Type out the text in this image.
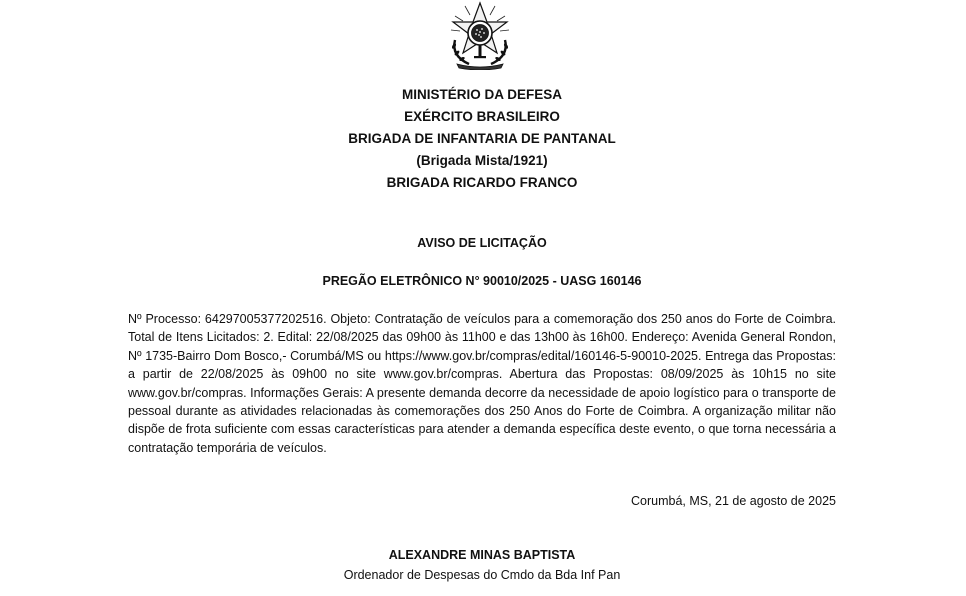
MINISTÉRIO DA DEFESA
EXÉRCITO BRASILEIRO
BRIGADA DE INFANTARIA DE PANTANAL
(Brigada Mista/1921)
BRIGADA RICARDO FRANCO
AVISO DE LICITAÇÃO
PREGÃO ELETRÔNICO N° 90010/2025 - UASG 160146
Nº Processo: 64297005377202516. Objeto: Contratação de veículos para a comemoração dos 250 anos do Forte de Coimbra. Total de Itens Licitados: 2. Edital: 22/08/2025 das 09h00 às 11h00 e das 13h00 às 16h00. Endereço: Avenida General Rondon, Nº 1735-Bairro Dom Bosco,- Corumbá/MS ou https://www.gov.br/compras/edital/160146-5-90010-2025. Entrega das Propostas: a partir de 22/08/2025 às 09h00 no site www.gov.br/compras. Abertura das Propostas: 08/09/2025 às 10h15 no site www.gov.br/compras. Informações Gerais: A presente demanda decorre da necessidade de apoio logístico para o transporte de pessoal durante as atividades relacionadas às comemorações dos 250 Anos do Forte de Coimbra. A organização militar não dispõe de frota suficiente com essas características para atender a demanda específica deste evento, o que torna necessária a contratação temporária de veículos.
Corumbá, MS, 21 de agosto de 2025
ALEXANDRE MINAS BAPTISTA
Ordenador de Despesas do Cmdo da Bda Inf Pan
